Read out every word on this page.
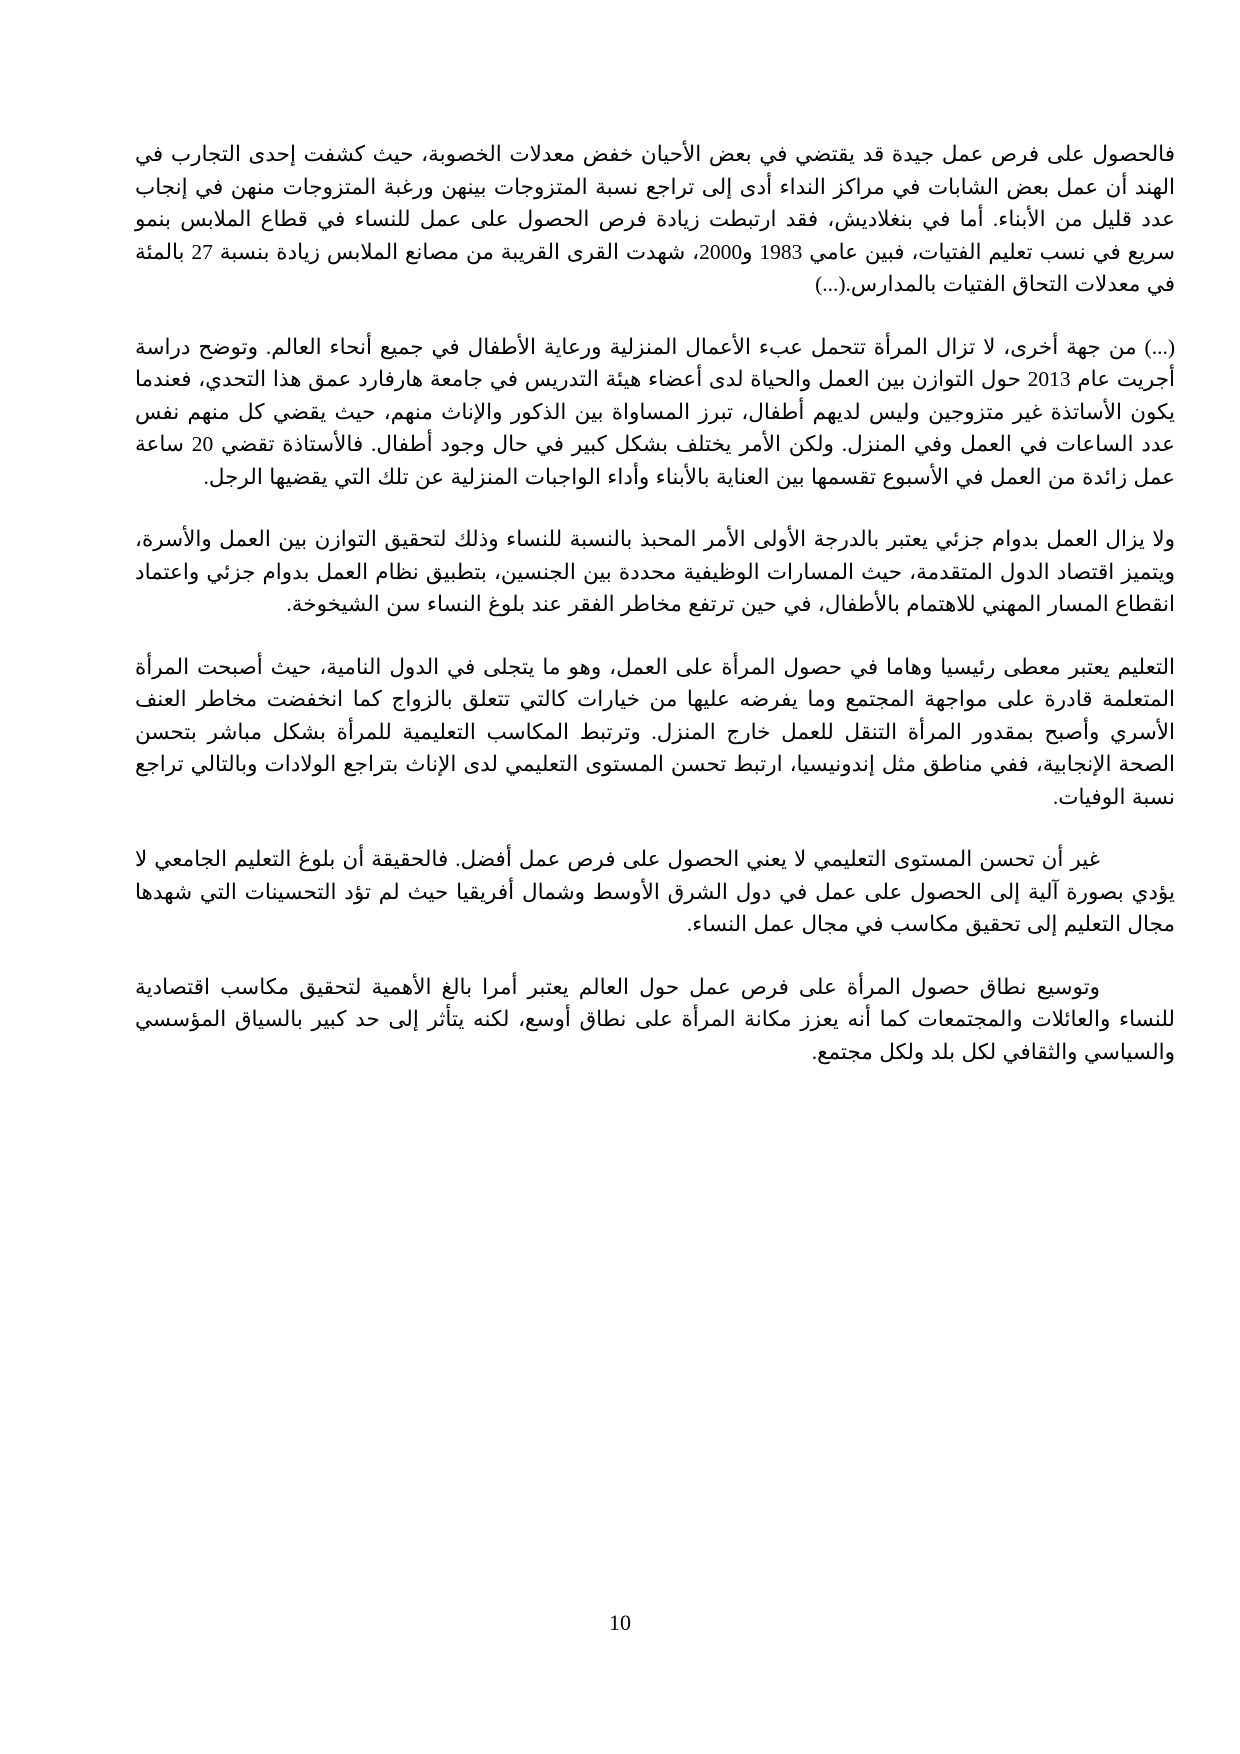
فالحصول على فرص عمل جيدة قد يقتضي في بعض الأحيان خفض معدلات الخصوبة، حيث كشفت إحدى التجارب في الهند أن عمل بعض الشابات في مراكز النداء أدى إلى تراجع نسبة المتزوجات بينهن ورغبة المتزوجات منهن في إنجاب عدد قليل من الأبناء. أما في بنغلاديش، فقد ارتبطت زيادة فرص الحصول على عمل للنساء في قطاع الملابس بنمو سريع في نسب تعليم الفتيات، فبين عامي 1983 و2000، شهدت القرى القريبة من مصانع الملابس زيادة بنسبة 27 بالمئة في معدلات التحاق الفتيات بالمدارس.(...)

(...) من جهة أخرى، لا تزال المرأة تتحمل عبء الأعمال المنزلية ورعاية الأطفال في جميع أنحاء العالم. وتوضح دراسة أجريت عام 2013 حول التوازن بين العمل والحياة لدى أعضاء هيئة التدريس في جامعة هارفارد عمق هذا التحدي، فعندما يكون الأساتذة غير متزوجين وليس لديهم أطفال، تبرز المساواة بين الذكور والإناث منهم، حيث يقضي كل منهم نفس عدد الساعات في العمل وفي المنزل. ولكن الأمر يختلف بشكل كبير في حال وجود أطفال. فالأستاذة تقضي 20 ساعة عمل زائدة من العمل في الأسبوع تقسمها بين العناية بالأبناء وأداء الواجبات المنزلية عن تلك التي يقضيها الرجل.

ولا يزال العمل بدوام جزئي يعتبر بالدرجة الأولى الأمر المحبذ بالنسبة للنساء وذلك لتحقيق التوازن بين العمل والأسرة، ويتميز اقتصاد الدول المتقدمة، حيث المسارات الوظيفية محددة بين الجنسين، بتطبيق نظام العمل بدوام جزئي واعتماد انقطاع المسار المهني للاهتمام بالأطفال، في حين ترتفع مخاطر الفقر عند بلوغ النساء سن الشيخوخة.

التعليم يعتبر معطى رئيسيا وهاما في حصول المرأة على العمل، وهو ما يتجلى في الدول النامية، حيث أصبحت المرأة المتعلمة قادرة على مواجهة المجتمع وما يفرضه عليها من خيارات كالتي تتعلق بالزواج كما انخفضت مخاطر العنف الأسري وأصبح بمقدور المرأة التنقل للعمل خارج المنزل. وترتبط المكاسب التعليمية للمرأة بشكل مباشر بتحسن الصحة الإنجابية، ففي مناطق مثل إندونيسيا، ارتبط تحسن المستوى التعليمي لدى الإناث بتراجع الولادات وبالتالي تراجع نسبة الوفيات.

غير أن تحسن المستوى التعليمي لا يعني الحصول على فرص عمل أفضل. فالحقيقة أن بلوغ التعليم الجامعي لا يؤدي بصورة آلية إلى الحصول على عمل في دول الشرق الأوسط وشمال أفريقيا حيث لم تؤد التحسينات التي شهدها مجال التعليم إلى تحقيق مكاسب في مجال عمل النساء.

وتوسيع نطاق حصول المرأة على فرص عمل حول العالم يعتبر أمرا بالغ الأهمية لتحقيق مكاسب اقتصادية للنساء والعائلات والمجتمعات كما أنه يعزز مكانة المرأة على نطاق أوسع، لكنه يتأثر إلى حد كبير بالسياق المؤسسي والسياسي والثقافي لكل بلد ولكل مجتمع.

10
